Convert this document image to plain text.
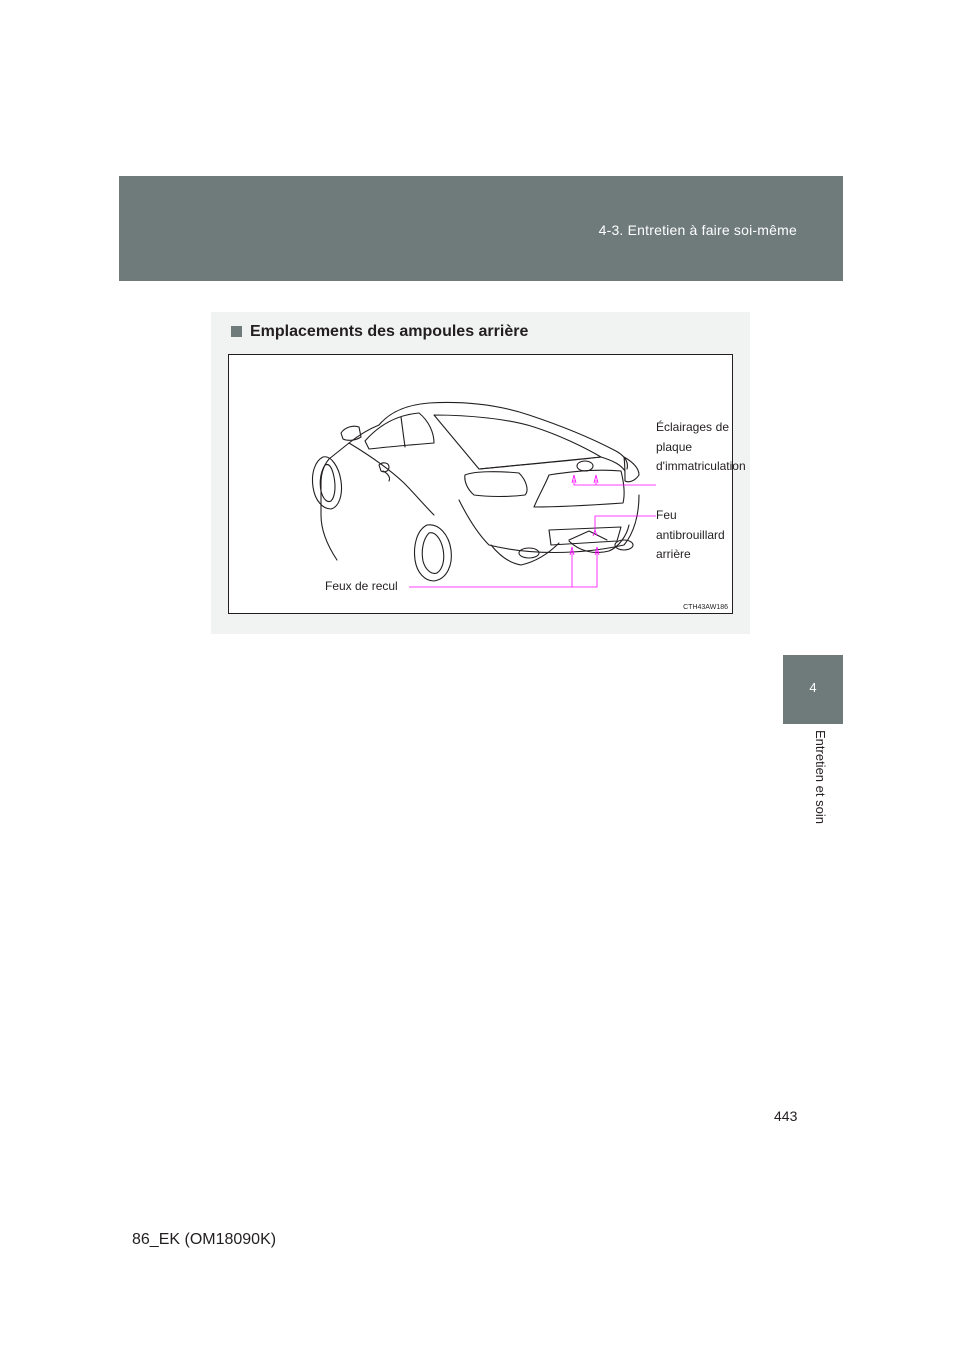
4-3. Entretien à faire soi-même
4
Entretien et soin
Emplacements des ampoules arrière
Éclairages de plaque d'immatriculation
Feu antibrouillard arrière
Feux de recul
CTH43AW186
443
86_EK (OM18090K)
